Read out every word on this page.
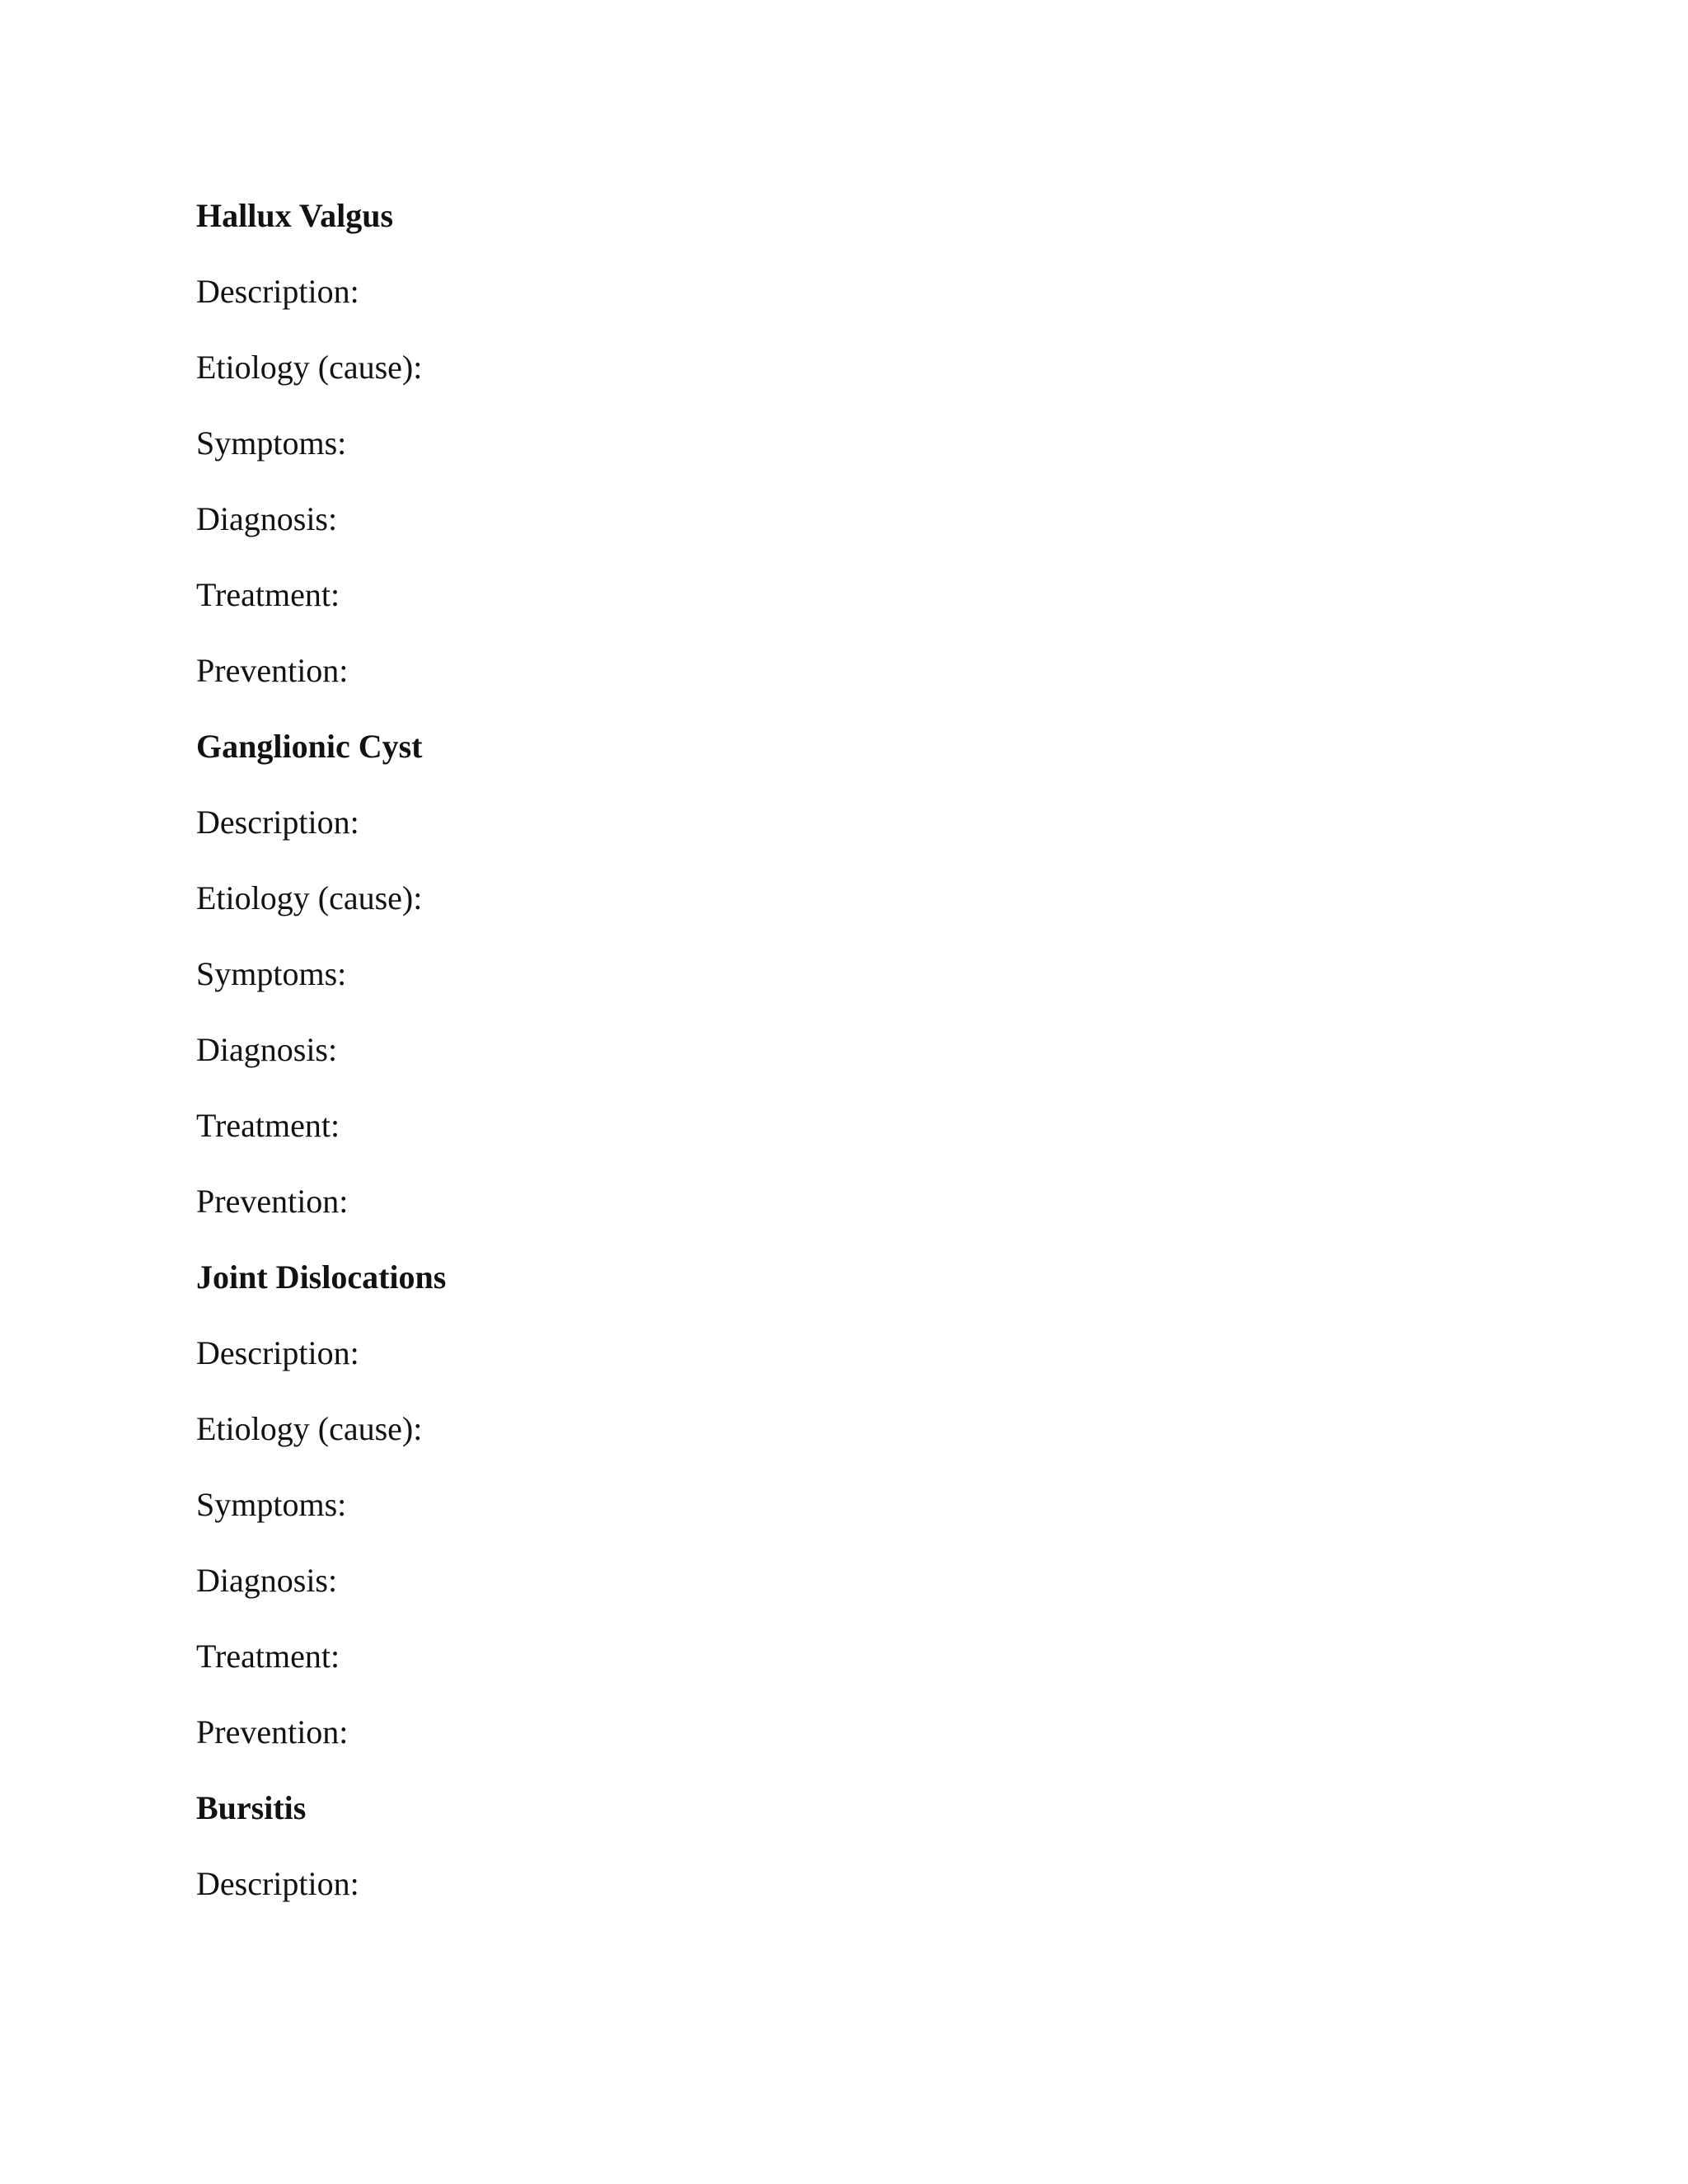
Hallux Valgus
Description:
Etiology (cause):
Symptoms:
Diagnosis:
Treatment:
Prevention:
Ganglionic Cyst
Description:
Etiology (cause):
Symptoms:
Diagnosis:
Treatment:
Prevention:
Joint Dislocations
Description:
Etiology (cause):
Symptoms:
Diagnosis:
Treatment:
Prevention:
Bursitis
Description:
